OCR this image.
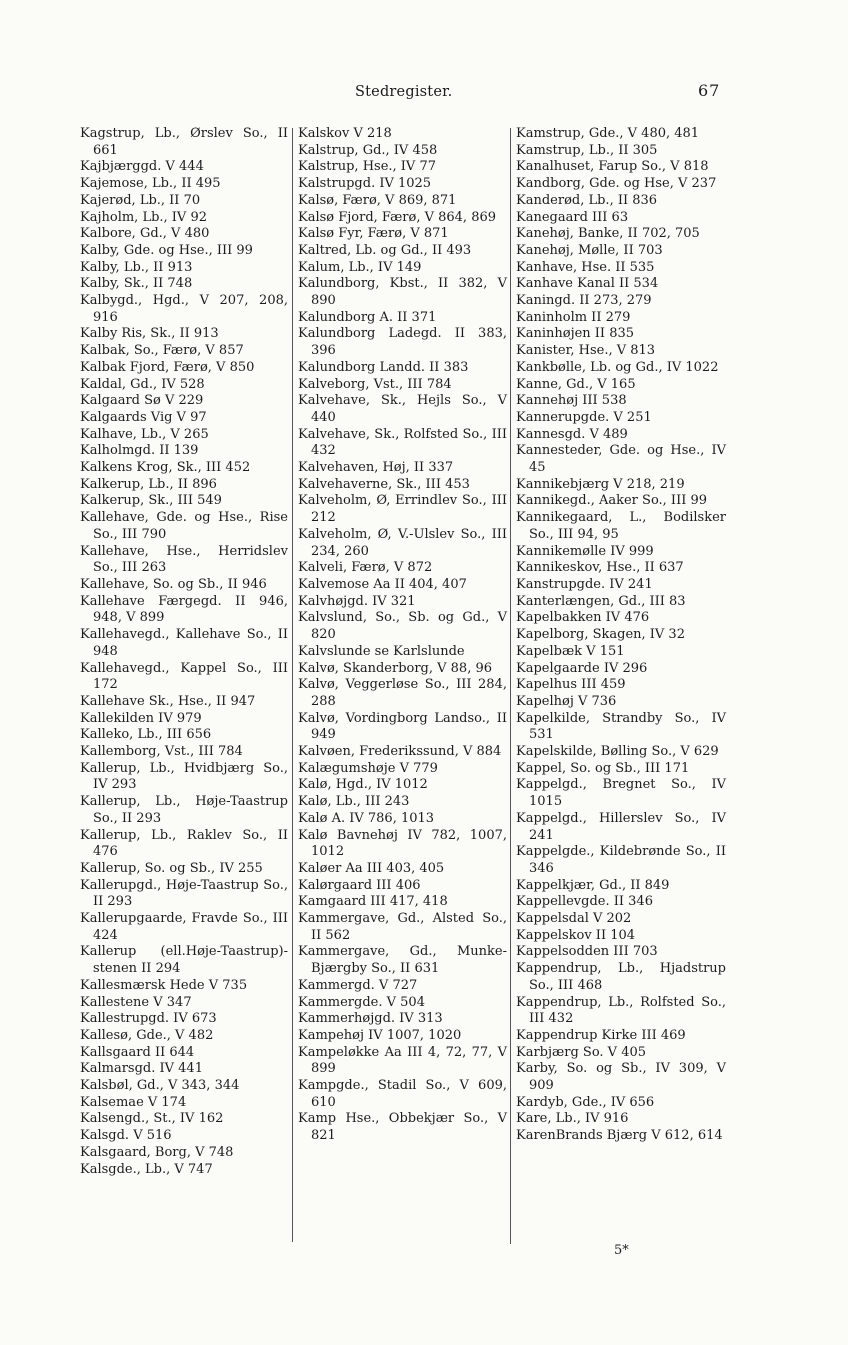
Stedregister.	67
Kagstrup, Lb., Ørslev So., II 661
Kajbjærggd. V 444
Kajemose, Lb., II 495
Kajerød, Lb., II 70
Kajholm, Lb., IV 92
Kalbore, Gd., V 480
Kalby, Gde. og Hse., III 99
Kalby, Lb., II 913
Kalby, Sk., II 748
Kalbygd., Hgd., V 207, 208, 916
Kalby Ris, Sk., II 913
Kalbak, So., Færø, V 857
Kalbak Fjord, Færø, V 850
Kaldal, Gd., IV 528
Kalgaard Sø V 229
Kalgaards Vig V 97
Kalhave, Lb., V 265
Kalholmgd. II 139
Kalkens Krog, Sk., III 452
Kalkerup, Lb., II 896
Kalkerup, Sk., III 549
Kallehave, Gde. og Hse., Rise So., III 790
Kallehave, Hse., Herridslev So., III 263
Kallehave, So. og Sb., II 946
Kallehave Færgegd. II 946, 948, V 899
Kallehavegd., Kallehave So., II 948
Kallehavegd., Kappel So., III 172
Kallehave Sk., Hse., II 947
Kallekilden IV 979
Kalleko, Lb., III 656
Kallemborg, Vst., III 784
Kallerup, Lb., Hvidbjærg So., IV 293
Kallerup, Lb., Høje-Taastrup So., II 293
Kallerup, Lb., Raklev So., II 476
Kallerup, So. og Sb., IV 255
Kallerupgd., Høje-Taastrup So., II 293
Kallerupgaarde, Fravde So., III 424
Kallerup (ell.Høje-Taastrup)-stenen II 294
Kallesmærsk Hede V 735
Kallestene V 347
Kallestrupgd. IV 673
Kallesø, Gde., V 482
Kallsgaard II 644
Kalmarsgd. IV 441
Kalsbøl, Gd., V 343, 344
Kalsemae V 174
Kalsengd., St., IV 162
Kalsgd. V 516
Kalsgaard, Borg, V 748
Kalsgde., Lb., V 747
Kalskov V 218
Kalstrup, Gd., IV 458
Kalstrup, Hse., IV 77
Kalstrupgd. IV 1025
Kalsø, Færø, V 869, 871
Kalsø Fjord, Færø, V 864, 869
Kalsø Fyr, Færø, V 871
Kaltred, Lb. og Gd., II 493
Kalum, Lb., IV 149
Kalundborg, Kbst., II 382, V 890
Kalundborg A. II 371
Kalundborg Ladegd. II 383, 396
Kalundborg Landd. II 383
Kalveborg, Vst., III 784
Kalvehave, Sk., Hejls So., V 440
Kalvehave, Sk., Rolfsted So., III 432
Kalvehaven, Høj, II 337
Kalvehaverne, Sk., III 453
Kalveholm, Ø, Errindlev So., III 212
Kalveholm, Ø, V.-Ulslev So., III 234, 260
Kalveli, Færø, V 872
Kalvemose Aa II 404, 407
Kalvhøjgd. IV 321
Kalvslund, So., Sb. og Gd., V 820
Kalvslunde se Karlslunde
Kalvø, Skanderborg, V 88, 96
Kalvø, Veggerløse So., III 284, 288
Kalvø, Vordingborg Landso., II 949
Kalvøen, Frederikssund, V 884
Kalægumshøje V 779
Kalø, Hgd., IV 1012
Kalø, Lb., III 243
Kalø A. IV 786, 1013
Kalø Bavnehøj IV 782, 1007, 1012
Kaløer Aa III 403, 405
Kalørgaard III 406
Kamgaard III 417, 418
Kammergave, Gd., Alsted So., II 562
Kammergave, Gd., Munke-Bjærgby So., II 631
Kammergd. V 727
Kammergde. V 504
Kammerhøjgd. IV 313
Kampehøj IV 1007, 1020
Kampeløkke Aa III 4, 72, 77, V 899
Kampgde., Stadil So., V 609, 610
Kamp Hse., Obbekjær So., V 821
Kamstrup, Gde., V 480, 481
Kamstrup, Lb., II 305
Kanalhuset, Farup So., V 818
Kandborg, Gde. og Hse, V 237
Kanderød, Lb., II 836
Kanegaard III 63
Kanehøj, Banke, II 702, 705
Kanehøj, Mølle, II 703
Kanhave, Hse. II 535
Kanhave Kanal II 534
Kaningd. II 273, 279
Kaninholm II 279
Kaninhøjen II 835
Kanister, Hse., V 813
Kankbølle, Lb. og Gd., IV 1022
Kanne, Gd., V 165
Kannehøj III 538
Kannerupgde. V 251
Kannesgd. V 489
Kannesteder, Gde. og Hse., IV 45
Kannikebjærg V 218, 219
Kannikegd., Aaker So., III 99
Kannikegaard, L., Bodilsker So., III 94, 95
Kannikemølle IV 999
Kannikeskov, Hse., II 637
Kanstrupgde. IV 241
Kanterlængen, Gd., III 83
Kapelbakken IV 476
Kapelborg, Skagen, IV 32
Kapelbæk V 151
Kapelgaarde IV 296
Kapelhus III 459
Kapelhøj V 736
Kapelkilde, Strandby So., IV 531
Kapelskilde, Bølling So., V 629
Kappel, So. og Sb., III 171
Kappelgd., Bregnet So., IV 1015
Kappelgd., Hillerslev So., IV 241
Kappelgde., Kildebrønde So., II 346
Kappelkjær, Gd., II 849
Kappellevgde. II 346
Kappelsdal V 202
Kappelskov II 104
Kappelsodden III 703
Kappendrup, Lb., Hjadstrup So., III 468
Kappendrup, Lb., Rolfsted So., III 432
Kappendrup Kirke III 469
Karbjærg So. V 405
Karby, So. og Sb., IV 309, V 909
Kardyb, Gde., IV 656
Kare, Lb., IV 916
KarenBrands Bjærg V 612, 614
5*
